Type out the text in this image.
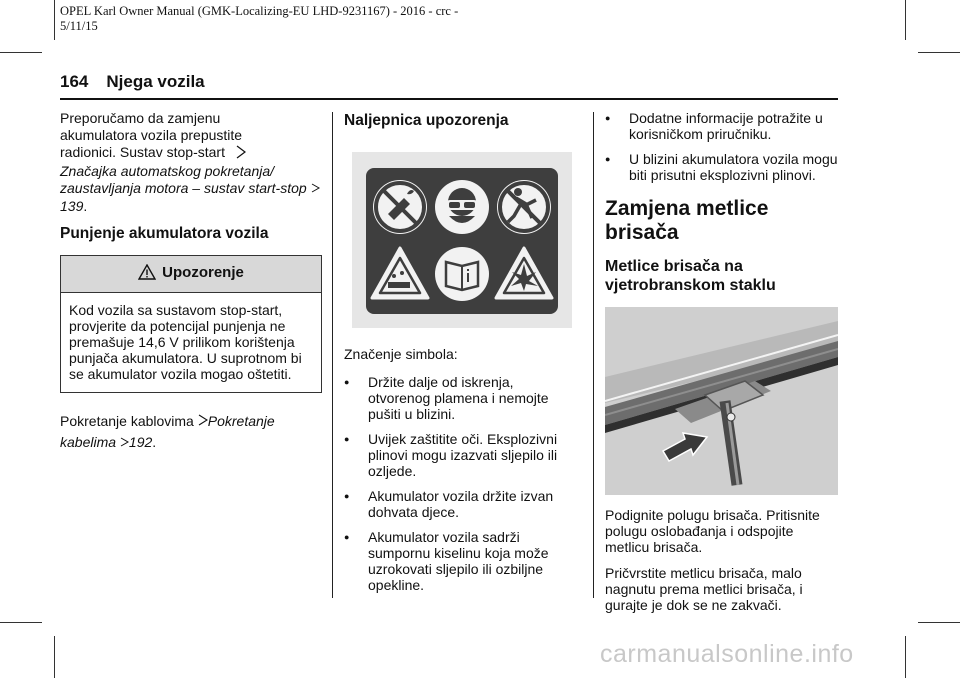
OPEL Karl Owner Manual (GMK-Localizing-EU LHD-9231167) - 2016 - crc -
5/11/15
164 Njega vozila

Preporučamo da zamjenu
akumulatora vozila prepustite
radionici. Sustav stop-start
Značajka automatskog pokretanja/ zaustavljanja motora – sustav start-stop  139.

Punjenje akumulatora vozila
Upozorenje
Kod vozila sa sustavom stop-start, provjerite da potencijal punjenja ne premašuje 14,6 V prilikom korištenja punjača akumulatora. U suprotnom bi se akumulator vozila mogao oštetiti.

Pokretanje kablovima Pokretanje kabelima 192.

Naljepnica upozorenja

Značenje simbola:

● Držite dalje od iskrenja, otvorenog plamena i nemojte pušiti u blizini.
● Uvijek zaštitite oči. Eksplozivni plinovi mogu izazvati sljepilo ili ozljede.
● Akumulator vozila držite izvan dohvata djece.
● Akumulator vozila sadrži sumpornu kiselinu koja može uzrokovati sljepilo ili ozbiljne opekline.
● Dodatne informacije potražite u korisničkom priručniku.
● U blizini akumulatora vozila mogu biti prisutni eksplozivni plinovi.
Zamjena metlice brisača
Metlice brisača na vjetrobranskom staklu

Podignite polugu brisača. Pritisnite polugu oslobađanja i odspojite metlicu brisača.

Pričvrstite metlicu brisača, malo nagnutu prema metlici brisača, i gurajte je dok se ne zakvači.

carmanualsonline.info
